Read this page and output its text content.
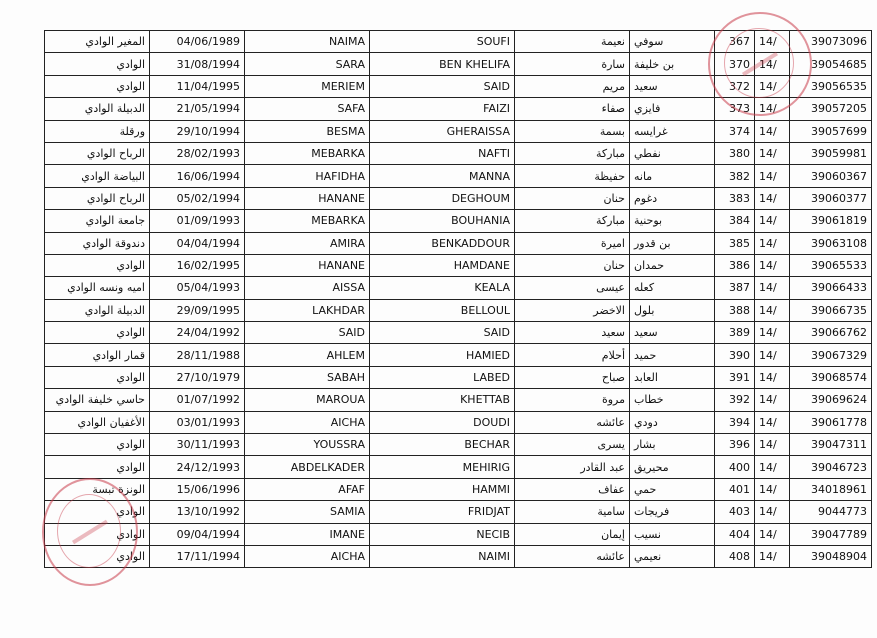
المغير الوادي	04/06/1989	NAIMA	SOUFI	نعيمة	سوفي	367	14/	39073096
الوادي	31/08/1994	SARA	BEN KHELIFA	سارة	بن خليفة	370	14/	39054685
الوادي	11/04/1995	MERIEM	SAID	مريم	سعيد	372	14/	39056535
الدبيلة الوادي	21/05/1994	SAFA	FAIZI	صفاء	فايزي	373	14/	39057205
ورقلة	29/10/1994	BESMA	GHERAISSA	بسمة	غرايسه	374	14/	39057699
الرباح الوادي	28/02/1993	MEBARKA	NAFTI	مباركة	نفطي	380	14/	39059981
البياضة الوادي	16/06/1994	HAFIDHA	MANNA	حفيظة	مانه	382	14/	39060367
الرباح الوادي	05/02/1994	HANANE	DEGHOUM	حنان	دغوم	383	14/	39060377
جامعة الوادي	01/09/1993	MEBARKA	BOUHANIA	مباركة	بوحنية	384	14/	39061819
دندوقة الوادي	04/04/1994	AMIRA	BENKADDOUR	اميرة	بن قدور	385	14/	39063108
الوادي	16/02/1995	HANANE	HAMDANE	حنان	حمدان	386	14/	39065533
اميه ونسه الوادي	05/04/1993	AISSA	KEALA	عيسى	كعله	387	14/	39066433
الدبيلة الوادي	29/09/1995	LAKHDAR	BELLOUL	الاخضر	بلول	388	14/	39066735
الوادي	24/04/1992	SAID	SAID	سعيد	سعيد	389	14/	39066762
قمار الوادي	28/11/1988	AHLEM	HAMIED	أحلام	حميد	390	14/	39067329
الوادي	27/10/1979	SABAH	LABED	صباح	العابد	391	14/	39068574
حاسي خليفة الوادي	01/07/1992	MAROUA	KHETTAB	مروة	خطاب	392	14/	39069624
الأغفيان الوادي	03/01/1993	AICHA	DOUDI	عائشه	دودي	394	14/	39061778
الوادي	30/11/1993	YOUSSRA	BECHAR	يسرى	بشار	396	14/	39047311
الوادي	24/12/1993	ABDELKADER	MEHIRIG	عبد القادر	محيريق	400	14/	39046723
الونزة تبسة	15/06/1996	AFAF	HAMMI	عفاف	حمي	401	14/	34018961
الوادي	13/10/1992	SAMIA	FRIDJAT	سامية	فريجات	403	14/	9044773
الوادي	09/04/1994	IMANE	NECIB	إيمان	نسيب	404	14/	39047789
الوادي	17/11/1994	AICHA	NAIMI	عائشه	نعيمي	408	14/	39048904
